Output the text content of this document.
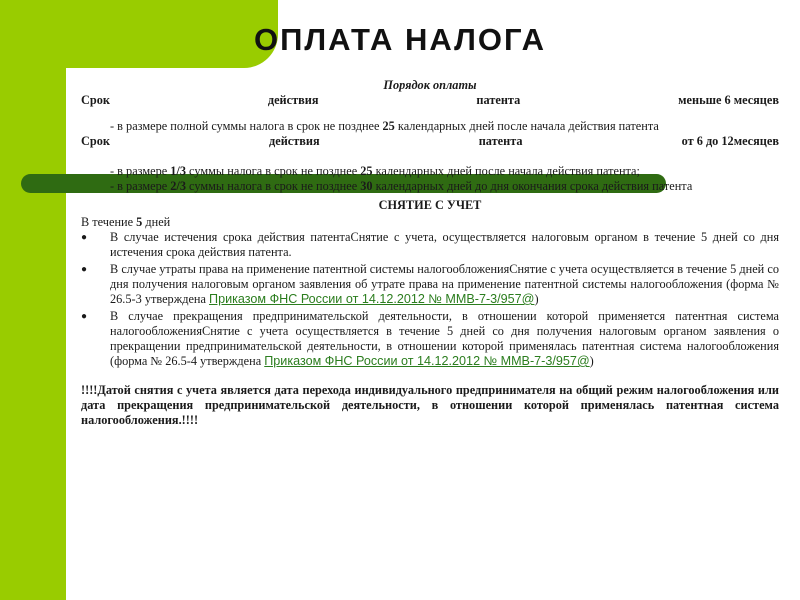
ОПЛАТА НАЛОГА
Порядок оплаты
Срок	действия	патента	меньше 6 месяцев
- в размере полной суммы налога в срок не позднее 25 календарных дней после начала действия патента
Срок	действия	патента	от 6 до 12месяцев
- в размере 1/3 суммы налога в срок не позднее 25 календарных дней после начала действия патента;
- в размере 2/3 суммы налога в срок не позднее 30 календарных дней до дня окончания срока действия патента
СНЯТИЕ С УЧЕТ
В течение 5 дней
●	В случае истечения срока действия патентаСнятие с учета, осуществляется налоговым органом в течение 5 дней со дня истечения срока действия патента.
●	В случае утраты права на применение патентной системы налогообложенияСнятие с учета осуществляется в течение 5 дней со дня получения налоговым органом заявления об утрате права на применение патентной системы налогообложения (форма № 26.5-3 утверждена Приказом ФНС России от 14.12.2012 № ММВ-7-3/957@)
●	В случае прекращения предпринимательской деятельности, в отношении которой применяется патентная система налогообложенияСнятие с учета осуществляется в течение 5 дней со дня получения налоговым органом заявления о прекращении предпринимательской деятельности, в отношении которой применялась патентная система налогообложения (форма № 26.5-4 утверждена Приказом ФНС России от 14.12.2012 № ММВ-7-3/957@)
!!!!Датой снятия с учета является дата перехода индивидуального предпринимателя на общий режим налогообложения или дата прекращения предпринимательской деятельности, в отношении которой применялась патентная система налогообложения.!!!!
